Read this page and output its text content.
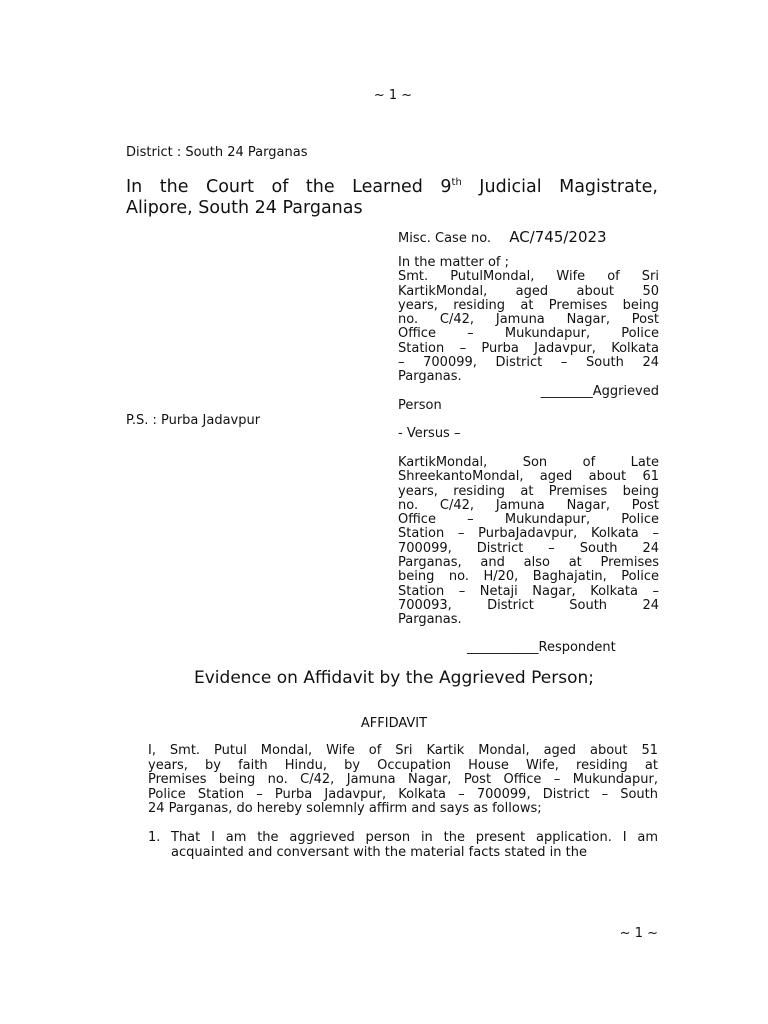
~ 1 ~
District : South 24 Parganas
In the Court of the Learned 9th Judicial Magistrate,
Alipore, South 24 Parganas
Misc. Case no. AC/745/2023
In the matter of ;
Smt. PutulMondal, Wife of Sri
KartikMondal, aged about 50
years, residing at Premises being
no. C/42, Jamuna Nagar, Post
Office – Mukundapur, Police
Station – Purba Jadavpur, Kolkata
– 700099, District – South 24
Parganas.
________Aggrieved
Person
P.S. : Purba Jadavpur
- Versus –
KartikMondal, Son of Late
ShreekantoMondal, aged about 61
years, residing at Premises being
no. C/42, Jamuna Nagar, Post
Office – Mukundapur, Police
Station – PurbaJadavpur, Kolkata –
700099, District – South 24
Parganas, and also at Premises
being no. H/20, Baghajatin, Police
Station – Netaji Nagar, Kolkata –
700093, District South 24
Parganas.
___________Respondent
Evidence on Affidavit by the Aggrieved Person;
AFFIDAVIT
I, Smt. Putul Mondal, Wife of Sri Kartik Mondal, aged about 51
years, by faith Hindu, by Occupation House Wife, residing at
Premises being no. C/42, Jamuna Nagar, Post Office – Mukundapur,
Police Station – Purba Jadavpur, Kolkata – 700099, District – South
24 Parganas, do hereby solemnly affirm and says as follows;
1. That I am the aggrieved person in the present application. I am
acquainted and conversant with the material facts stated in the
~ 1 ~
